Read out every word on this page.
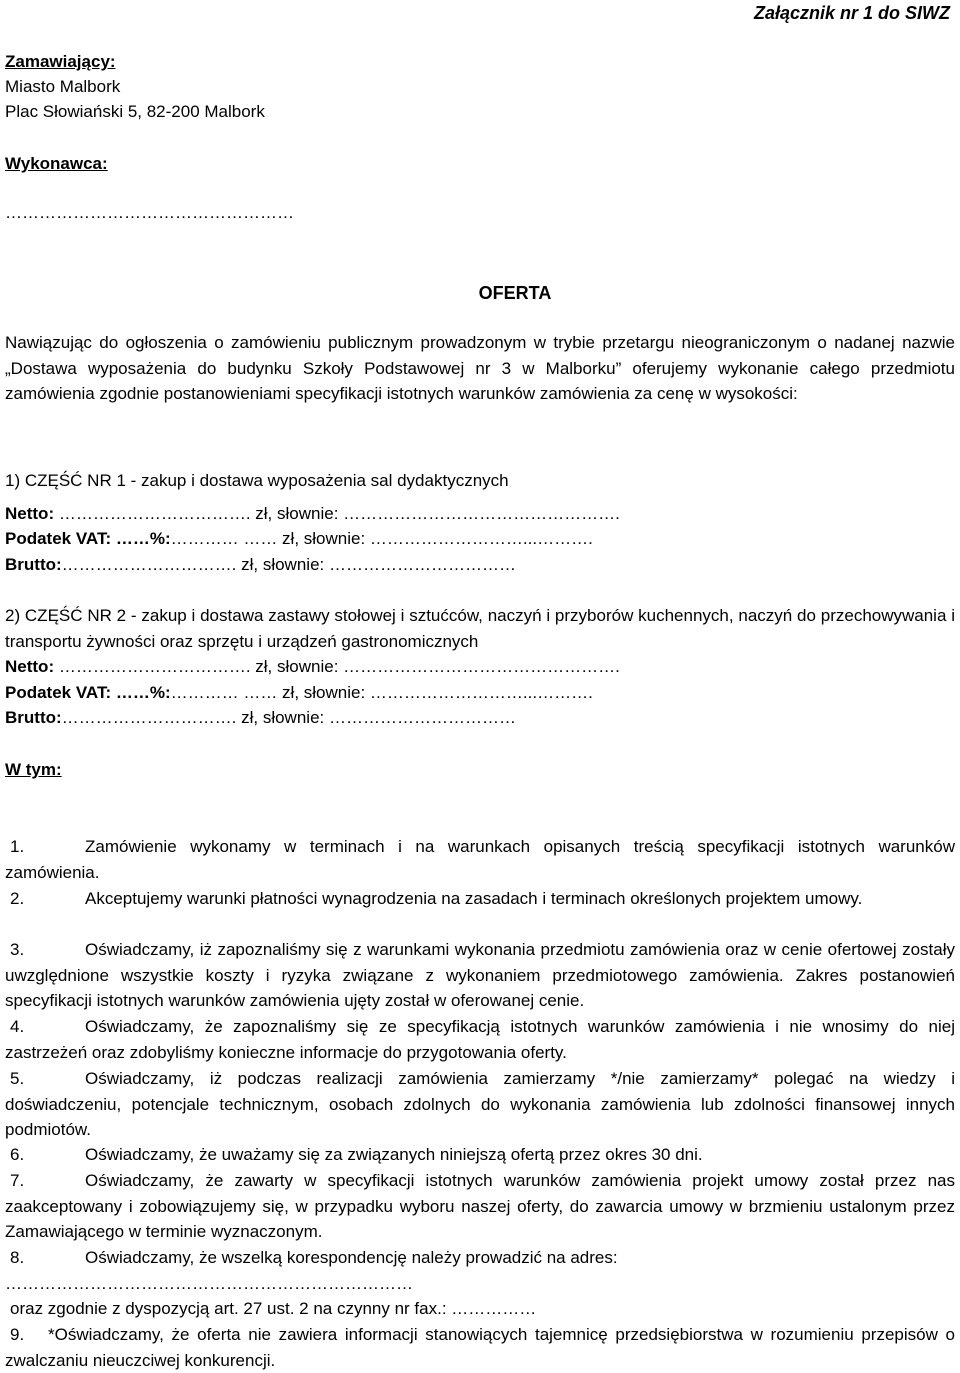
Załącznik nr 1 do SIWZ
Zamawiający:
Miasto Malbork
Plac Słowiański 5, 82-200 Malbork
Wykonawca:
……………………………………………
OFERTA
Nawiązując do ogłoszenia o zamówieniu publicznym prowadzonym w trybie przetargu nieograniczonym o nadanej nazwie „Dostawa wyposażenia do budynku Szkoły Podstawowej nr 3 w Malborku” oferujemy wykonanie całego przedmiotu zamówienia zgodnie postanowieniami specyfikacji istotnych warunków zamówienia za cenę w wysokości:
1) CZĘŚĆ NR 1 - zakup i dostawa wyposażenia sal dydaktycznych
Netto: ……………………………. zł, słownie: ………………………………………….
Podatek VAT: ……%:………… …… zł, słownie: ………………………...……….
Brutto:…………………………. zł, słownie: ……………………………
2) CZĘŚĆ NR 2 - zakup i dostawa zastawy stołowej i sztućców, naczyń i przyborów kuchennych, naczyń do przechowywania i transportu żywności oraz sprzętu i urządzeń gastronomicznych
Netto: ……………………………. zł, słownie: ………………………………………….
Podatek VAT: ……%:………… …… zł, słownie: ………………………...……….
Brutto:…………………………. zł, słownie: ……………………………
W tym:
1.	Zamówienie wykonamy w terminach i na warunkach opisanych treścią specyfikacji istotnych warunków zamówienia.
2.	Akceptujemy warunki płatności wynagrodzenia na zasadach i terminach określonych projektem umowy.
3.	Oświadczamy, iż zapoznaliśmy się z warunkami wykonania przedmiotu zamówienia oraz w cenie ofertowej zostały uwzględnione wszystkie koszty i ryzyka związane z wykonaniem przedmiotowego zamówienia. Zakres postanowień specyfikacji istotnych warunków zamówienia ujęty został w oferowanej cenie.
4.	Oświadczamy, że zapoznaliśmy się ze specyfikacją istotnych warunków zamówienia i nie wnosimy do niej zastrzeżeń oraz zdobyliśmy konieczne informacje do przygotowania oferty.
5.	Oświadczamy, iż podczas realizacji zamówienia zamierzamy */nie zamierzamy* polegać na wiedzy i doświadczeniu, potencjale technicznym, osobach zdolnych do wykonania zamówienia lub zdolności finansowej innych podmiotów.
6.	Oświadczamy, że uważamy się za związanych niniejszą ofertą przez okres 30 dni.
7.	Oświadczamy, że zawarty w specyfikacji istotnych warunków zamówienia projekt umowy został przez nas zaakceptowany i zobowiązujemy się, w przypadku wyboru naszej oferty, do zawarcia umowy w brzmieniu ustalonym przez Zamawiającego w terminie wyznaczonym.
8.	Oświadczamy, że wszelką korespondencję należy prowadzić na adres:
………………………………………………………………
oraz zgodnie z dyspozycją art. 27 ust. 2 na czynny nr fax.: ……………
9. *Oświadczamy, że oferta nie zawiera informacji stanowiących tajemnicę przedsiębiorstwa w rozumieniu przepisów o zwalczaniu nieuczciwej konkurencji.
